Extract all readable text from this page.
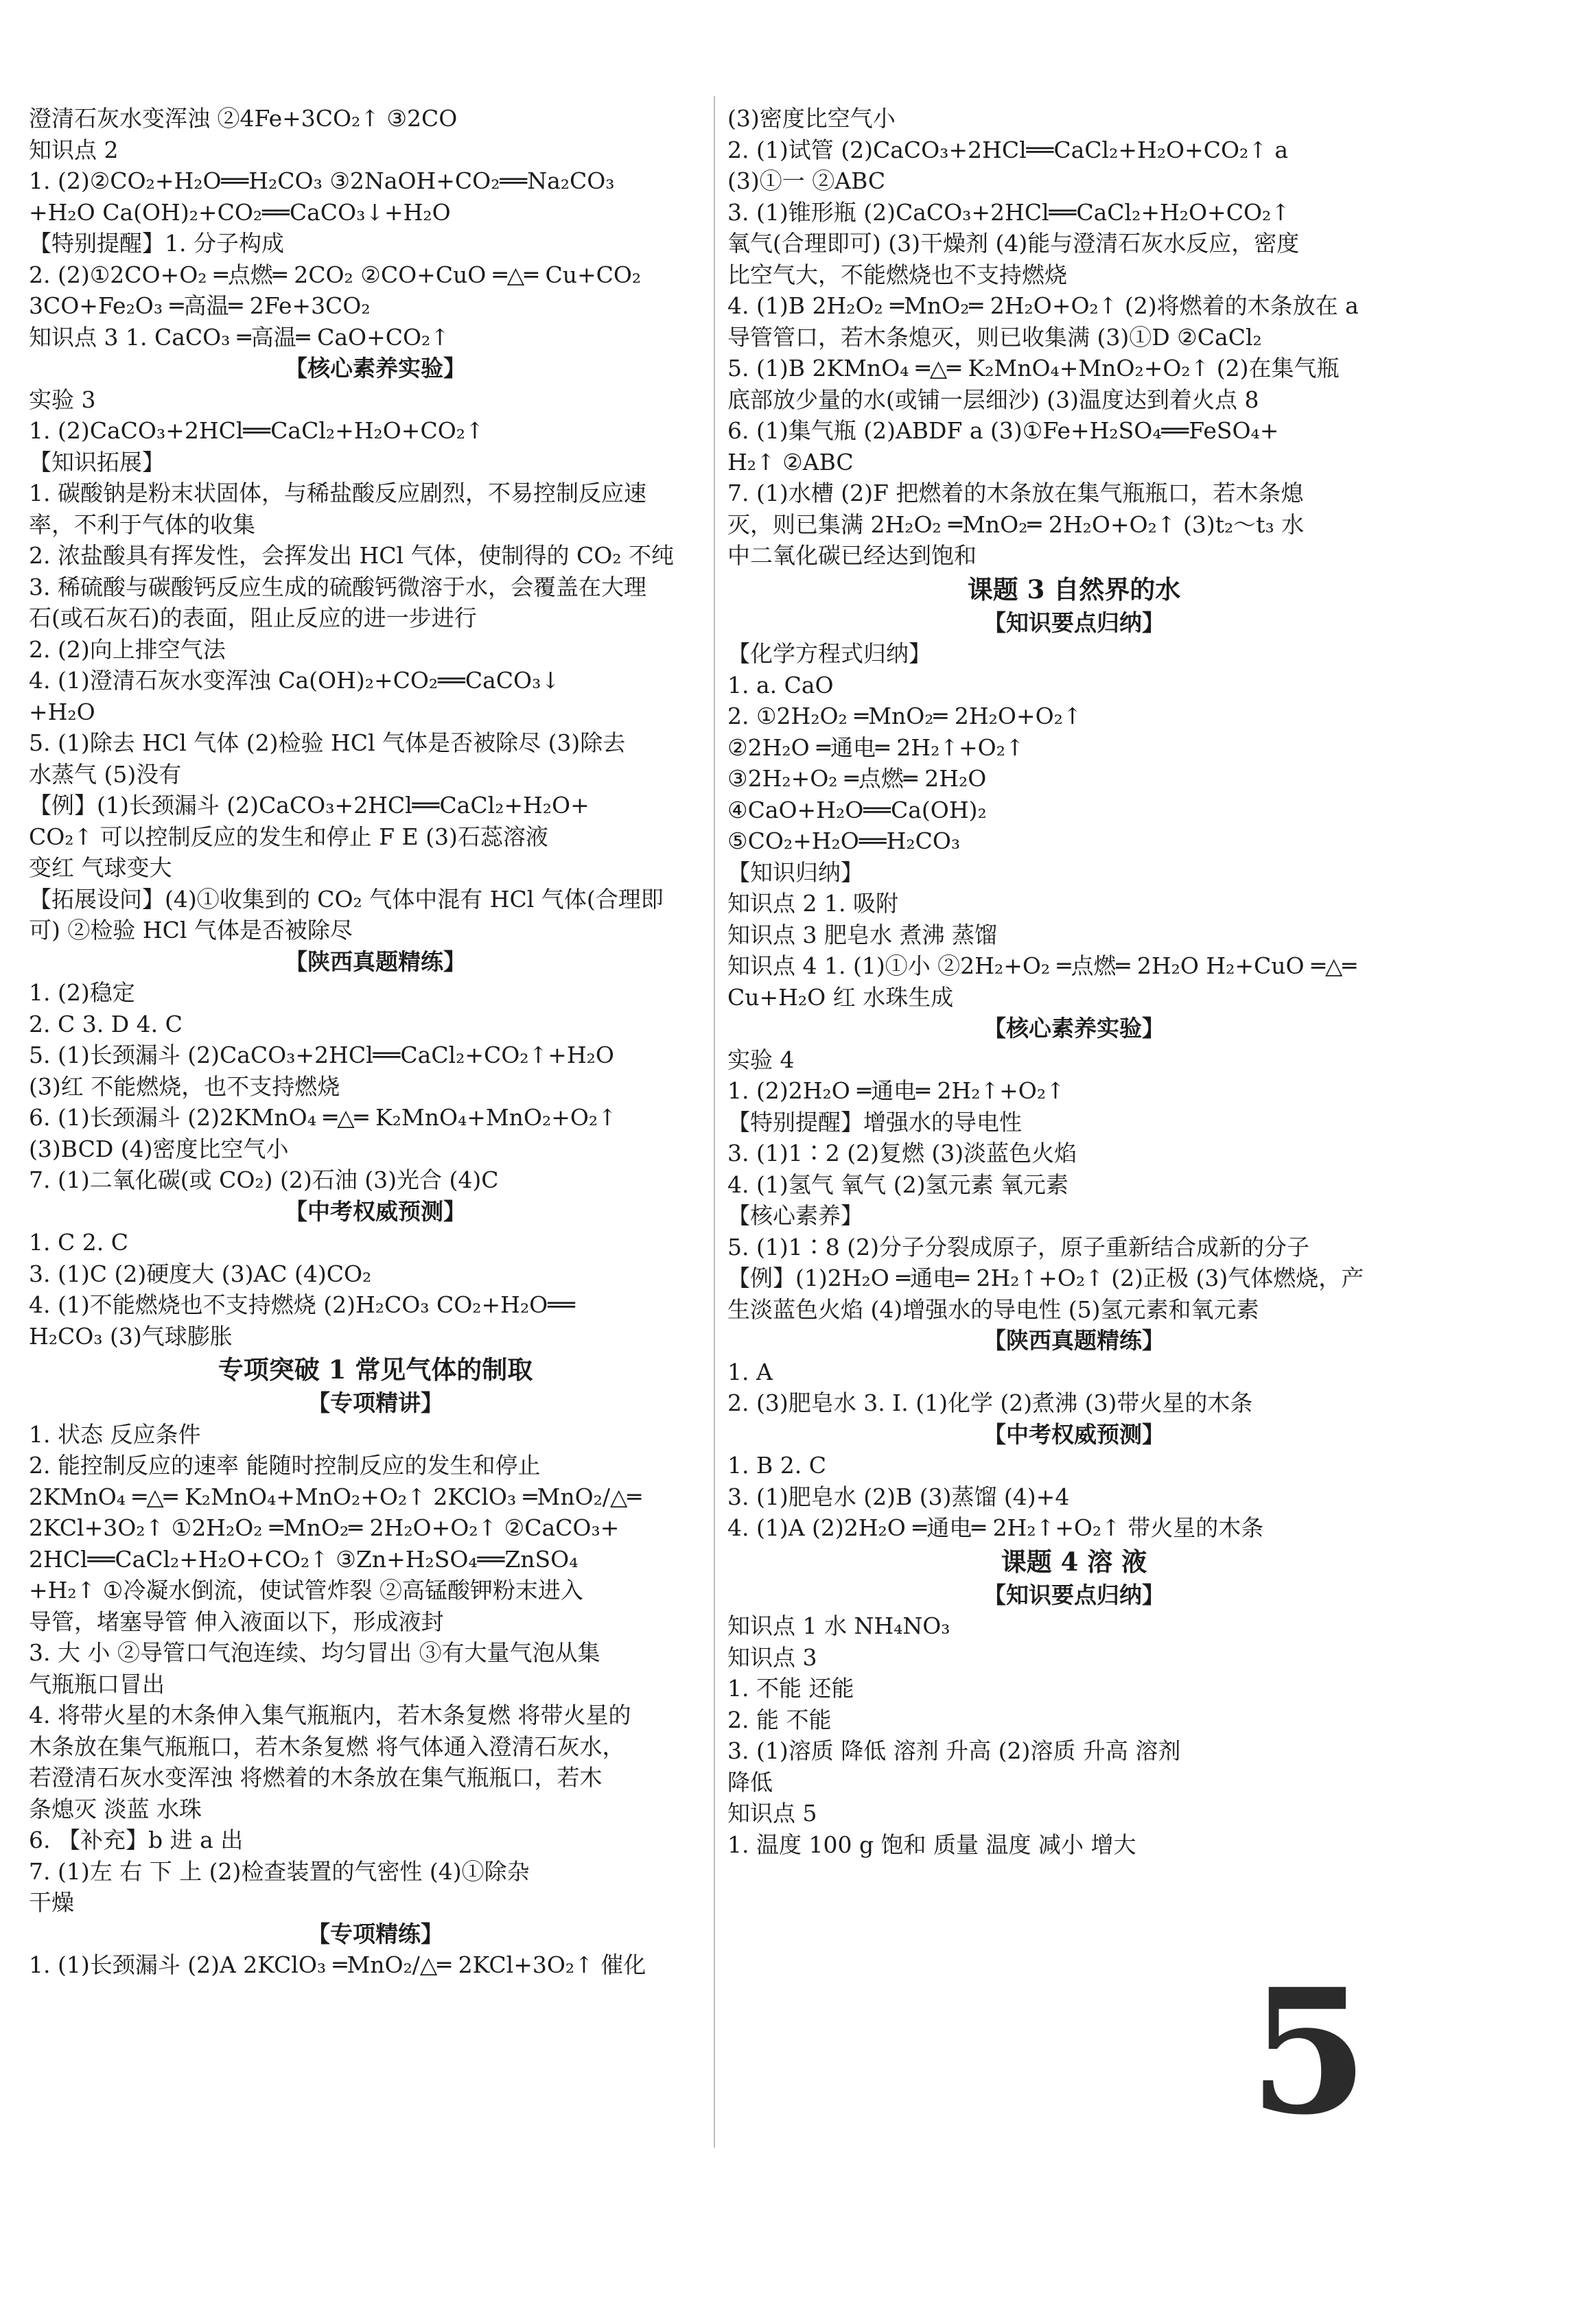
澄清石灰水变浑浊 ②4Fe+3CO₂↑ ③2CO
知识点 2
1. (2)②CO₂+H₂O══H₂CO₃ ③2NaOH+CO₂══Na₂CO₃
+H₂O Ca(OH)₂+CO₂══CaCO₃↓+H₂O
【特别提醒】1. 分子构成
2. (2)①2CO+O₂ ═点燃═ 2CO₂ ②CO+CuO ═△═ Cu+CO₂
3CO+Fe₂O₃ ═高温═ 2Fe+3CO₂
知识点 3 1. CaCO₃ ═高温═ CaO+CO₂↑
【核心素养实验】
实验 3
1. (2)CaCO₃+2HCl══CaCl₂+H₂O+CO₂↑
【知识拓展】
1. 碳酸钠是粉末状固体，与稀盐酸反应剧烈，不易控制反应速
率，不利于气体的收集
2. 浓盐酸具有挥发性，会挥发出 HCl 气体，使制得的 CO₂ 不纯
3. 稀硫酸与碳酸钙反应生成的硫酸钙微溶于水，会覆盖在大理
石(或石灰石)的表面，阻止反应的进一步进行
2. (2)向上排空气法
4. (1)澄清石灰水变浑浊 Ca(OH)₂+CO₂══CaCO₃↓
+H₂O
5. (1)除去 HCl 气体 (2)检验 HCl 气体是否被除尽 (3)除去
水蒸气 (5)没有
【例】(1)长颈漏斗 (2)CaCO₃+2HCl══CaCl₂+H₂O+
CO₂↑ 可以控制反应的发生和停止 F E (3)石蕊溶液
变红 气球变大
【拓展设问】(4)①收集到的 CO₂ 气体中混有 HCl 气体(合理即
可) ②检验 HCl 气体是否被除尽
【陕西真题精练】
1. (2)稳定
2. C 3. D 4. C
5. (1)长颈漏斗 (2)CaCO₃+2HCl══CaCl₂+CO₂↑+H₂O
(3)红 不能燃烧，也不支持燃烧
6. (1)长颈漏斗 (2)2KMnO₄ ═△═ K₂MnO₄+MnO₂+O₂↑
(3)BCD (4)密度比空气小
7. (1)二氧化碳(或 CO₂) (2)石油 (3)光合 (4)C
【中考权威预测】
1. C 2. C
3. (1)C (2)硬度大 (3)AC (4)CO₂
4. (1)不能燃烧也不支持燃烧 (2)H₂CO₃ CO₂+H₂O══
H₂CO₃ (3)气球膨胀
专项突破 1 常见气体的制取
【专项精讲】
1. 状态 反应条件
2. 能控制反应的速率 能随时控制反应的发生和停止
2KMnO₄ ═△═ K₂MnO₄+MnO₂+O₂↑ 2KClO₃ ═MnO₂/△═
2KCl+3O₂↑ ①2H₂O₂ ═MnO₂═ 2H₂O+O₂↑ ②CaCO₃+
2HCl══CaCl₂+H₂O+CO₂↑ ③Zn+H₂SO₄══ZnSO₄
+H₂↑ ①冷凝水倒流，使试管炸裂 ②高锰酸钾粉末进入
导管，堵塞导管 伸入液面以下，形成液封
3. 大 小 ②导管口气泡连续、均匀冒出 ③有大量气泡从集
气瓶瓶口冒出
4. 将带火星的木条伸入集气瓶瓶内，若木条复燃 将带火星的
木条放在集气瓶瓶口，若木条复燃 将气体通入澄清石灰水，
若澄清石灰水变浑浊 将燃着的木条放在集气瓶瓶口，若木
条熄灭 淡蓝 水珠
6. 【补充】b 进 a 出
7. (1)左 右 下 上 (2)检查装置的气密性 (4)①除杂
干燥
【专项精练】
1. (1)长颈漏斗 (2)A 2KClO₃ ═MnO₂/△═ 2KCl+3O₂↑ 催化
(3)密度比空气小
2. (1)试管 (2)CaCO₃+2HCl══CaCl₂+H₂O+CO₂↑ a
(3)①一 ②ABC
3. (1)锥形瓶 (2)CaCO₃+2HCl══CaCl₂+H₂O+CO₂↑
氧气(合理即可) (3)干燥剂 (4)能与澄清石灰水反应，密度
比空气大，不能燃烧也不支持燃烧
4. (1)B 2H₂O₂ ═MnO₂═ 2H₂O+O₂↑ (2)将燃着的木条放在 a
导管管口，若木条熄灭，则已收集满 (3)①D ②CaCl₂
5. (1)B 2KMnO₄ ═△═ K₂MnO₄+MnO₂+O₂↑ (2)在集气瓶
底部放少量的水(或铺一层细沙) (3)温度达到着火点 8
6. (1)集气瓶 (2)ABDF a (3)①Fe+H₂SO₄══FeSO₄+
H₂↑ ②ABC
7. (1)水槽 (2)F 把燃着的木条放在集气瓶瓶口，若木条熄
灭，则已集满 2H₂O₂ ═MnO₂═ 2H₂O+O₂↑ (3)t₂～t₃ 水
中二氧化碳已经达到饱和
课题 3 自然界的水
【知识要点归纳】
【化学方程式归纳】
1. a. CaO
2. ①2H₂O₂ ═MnO₂═ 2H₂O+O₂↑
②2H₂O ═通电═ 2H₂↑+O₂↑
③2H₂+O₂ ═点燃═ 2H₂O
④CaO+H₂O══Ca(OH)₂
⑤CO₂+H₂O══H₂CO₃
【知识归纳】
知识点 2 1. 吸附
知识点 3 肥皂水 煮沸 蒸馏
知识点 4 1. (1)①小 ②2H₂+O₂ ═点燃═ 2H₂O H₂+CuO ═△═
Cu+H₂O 红 水珠生成
【核心素养实验】
实验 4
1. (2)2H₂O ═通电═ 2H₂↑+O₂↑
【特别提醒】增强水的导电性
3. (1)1∶2 (2)复燃 (3)淡蓝色火焰
4. (1)氢气 氧气 (2)氢元素 氧元素
【核心素养】
5. (1)1∶8 (2)分子分裂成原子，原子重新结合成新的分子
【例】(1)2H₂O ═通电═ 2H₂↑+O₂↑ (2)正极 (3)气体燃烧，产
生淡蓝色火焰 (4)增强水的导电性 (5)氢元素和氧元素
【陕西真题精练】
1. A
2. (3)肥皂水 3. Ⅰ. (1)化学 (2)煮沸 (3)带火星的木条
【中考权威预测】
1. B 2. C
3. (1)肥皂水 (2)B (3)蒸馏 (4)+4
4. (1)A (2)2H₂O ═通电═ 2H₂↑+O₂↑ 带火星的木条
课题 4 溶 液
【知识要点归纳】
知识点 1 水 NH₄NO₃
知识点 3
1. 不能 还能
2. 能 不能
3. (1)溶质 降低 溶剂 升高 (2)溶质 升高 溶剂
降低
知识点 5
1. 温度 100 g 饱和 质量 温度 减小 增大
5
